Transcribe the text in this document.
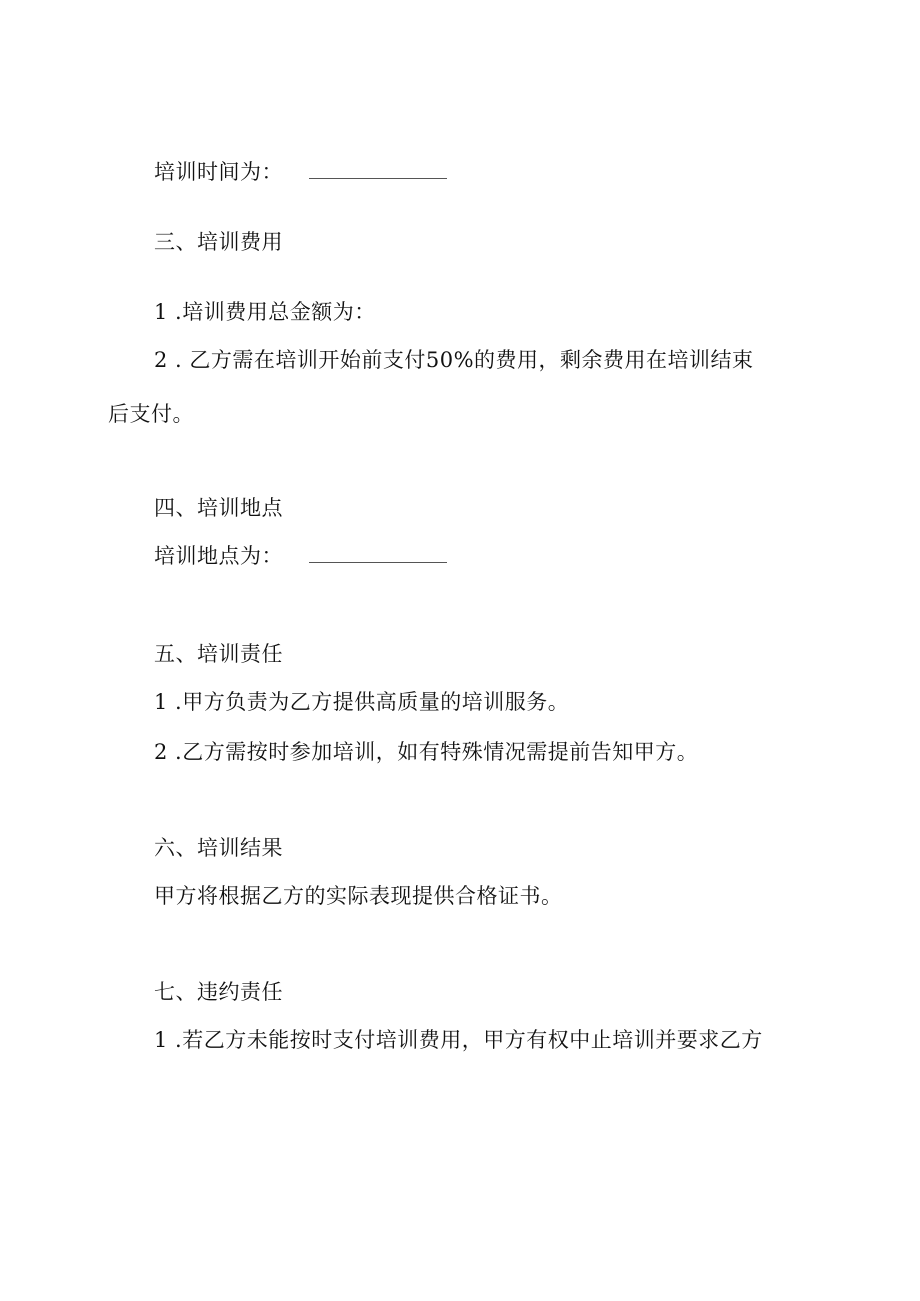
培训时间为：
三、培训费用
1 .培训费用总金额为：
2 . 乙方需在培训开始前支付50%的费用，剩余费用在培训结束
后支付。
四、培训地点
培训地点为：
五、培训责任
1 .甲方负责为乙方提供高质量的培训服务。
2 .乙方需按时参加培训，如有特殊情况需提前告知甲方。
六、培训结果
甲方将根据乙方的实际表现提供合格证书。
七、违约责任
1 .若乙方未能按时支付培训费用，甲方有权中止培训并要求乙方
